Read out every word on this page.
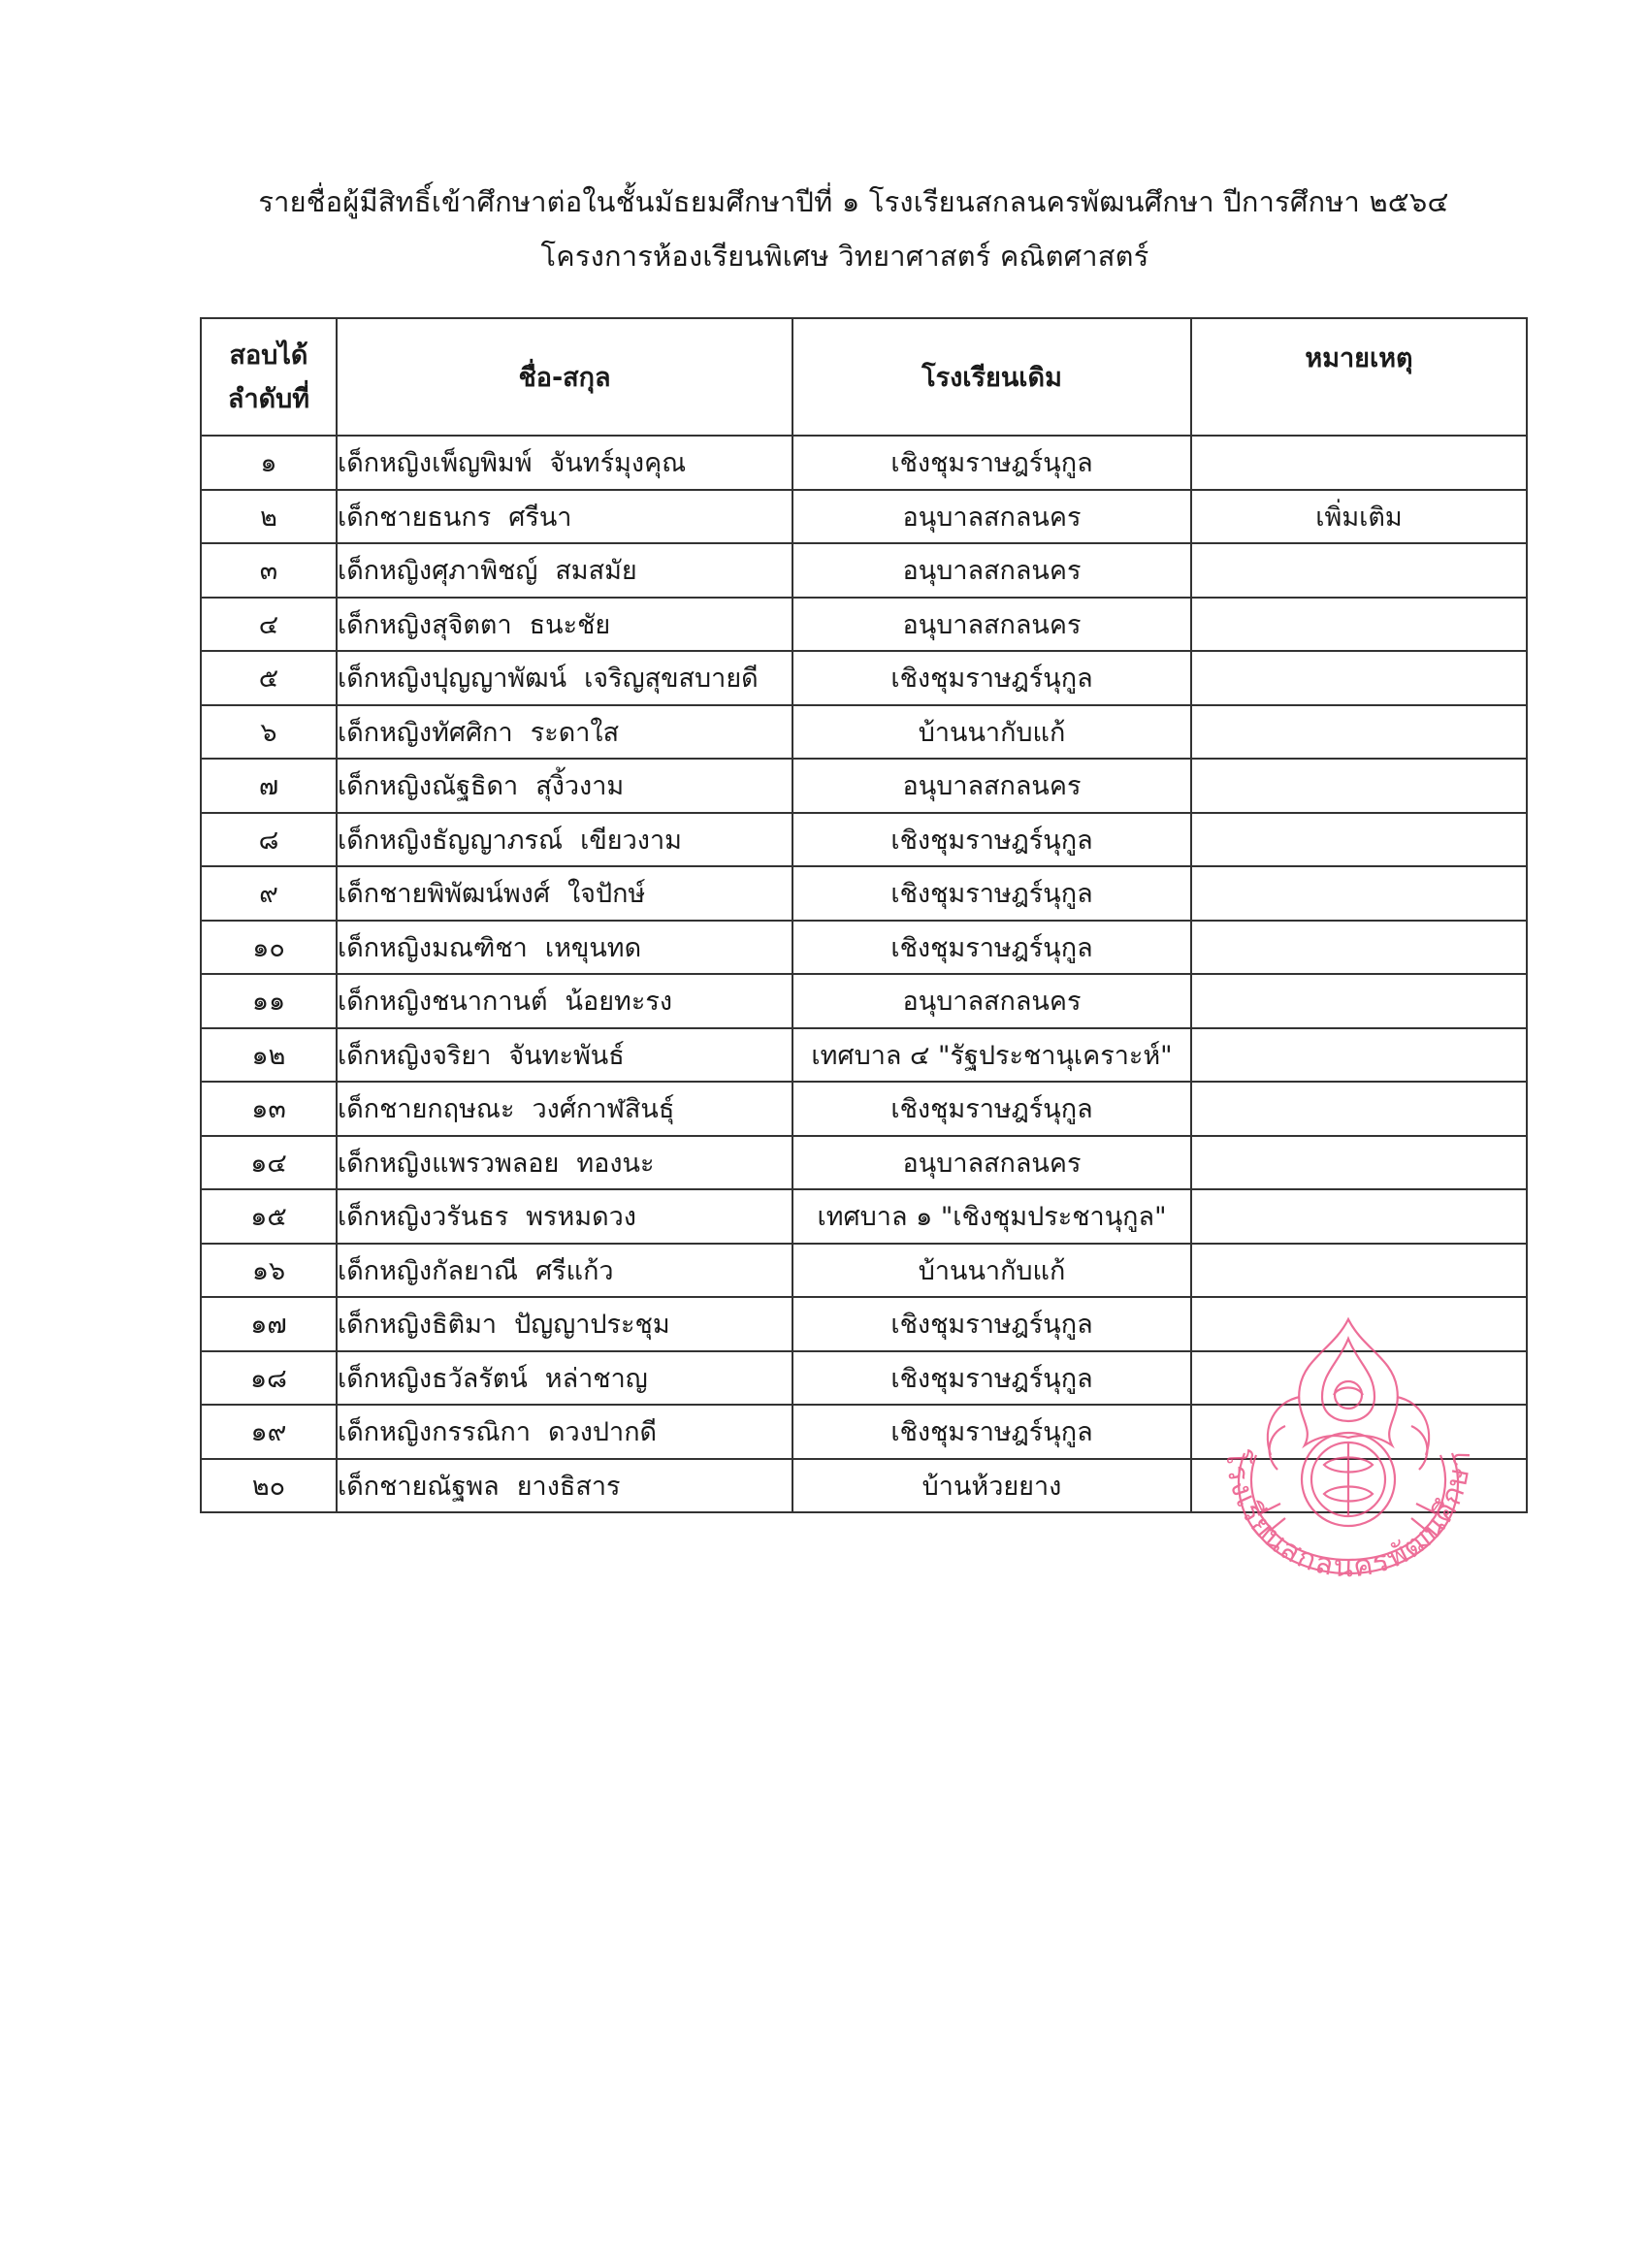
รายชื่อผู้มีสิทธิ์เข้าศึกษาต่อในชั้นมัธยมศึกษาปีที่ ๑ โรงเรียนสกลนครพัฒนศึกษา ปีการศึกษา ๒๕๖๔
โครงการห้องเรียนพิเศษ วิทยาศาสตร์ คณิตศาสตร์
สอบได้
ลำดับที่	ชื่อ-สกุล	โรงเรียนเดิม	หมายเหตุ
๑	เด็กหญิงเพ็ญพิมพ์ จันทร์มุงคุณ	เชิงชุมราษฎร์นุกูล	
๒	เด็กชายธนกร ศรีนา	อนุบาลสกลนคร	เพิ่มเติม
๓	เด็กหญิงศุภาพิชญ์ สมสมัย	อนุบาลสกลนคร	
๔	เด็กหญิงสุจิตตา ธนะชัย	อนุบาลสกลนคร	
๕	เด็กหญิงปุญญาพัฒน์ เจริญสุขสบายดี	เชิงชุมราษฎร์นุกูล	
๖	เด็กหญิงทัศศิกา ระดาใส	บ้านนากับแก้	
๗	เด็กหญิงณัฐธิดา สุงิ้วงาม	อนุบาลสกลนคร	
๘	เด็กหญิงธัญญาภรณ์ เขียวงาม	เชิงชุมราษฎร์นุกูล	
๙	เด็กชายพิพัฒน์พงศ์ ใจปักษ์	เชิงชุมราษฎร์นุกูล	
๑๐	เด็กหญิงมณฑิชา เหขุนทด	เชิงชุมราษฎร์นุกูล	
๑๑	เด็กหญิงชนากานต์ น้อยทะรง	อนุบาลสกลนคร	
๑๒	เด็กหญิงจริยา จันทะพันธ์	เทศบาล ๔ "รัฐประชานุเคราะห์"	
๑๓	เด็กชายกฤษณะ วงศ์กาฬสินธุ์	เชิงชุมราษฎร์นุกูล	
๑๔	เด็กหญิงแพรวพลอย ทองนะ	อนุบาลสกลนคร	
๑๕	เด็กหญิงวรันธร พรหมดวง	เทศบาล ๑ "เชิงชุมประชานุกูล"	
๑๖	เด็กหญิงกัลยาณี ศรีแก้ว	บ้านนากับแก้	
๑๗	เด็กหญิงธิติมา ปัญญาประชุม	เชิงชุมราษฎร์นุกูล	
๑๘	เด็กหญิงธวัลรัตน์ หล่าชาญ	เชิงชุมราษฎร์นุกูล	
๑๙	เด็กหญิงกรรณิกา ดวงปากดี	เชิงชุมราษฎร์นุกูล	
๒๐	เด็กชายณัฐพล ยางธิสาร	บ้านห้วยยาง	
โรงเรียนสกลนครพัฒนศึกษา
